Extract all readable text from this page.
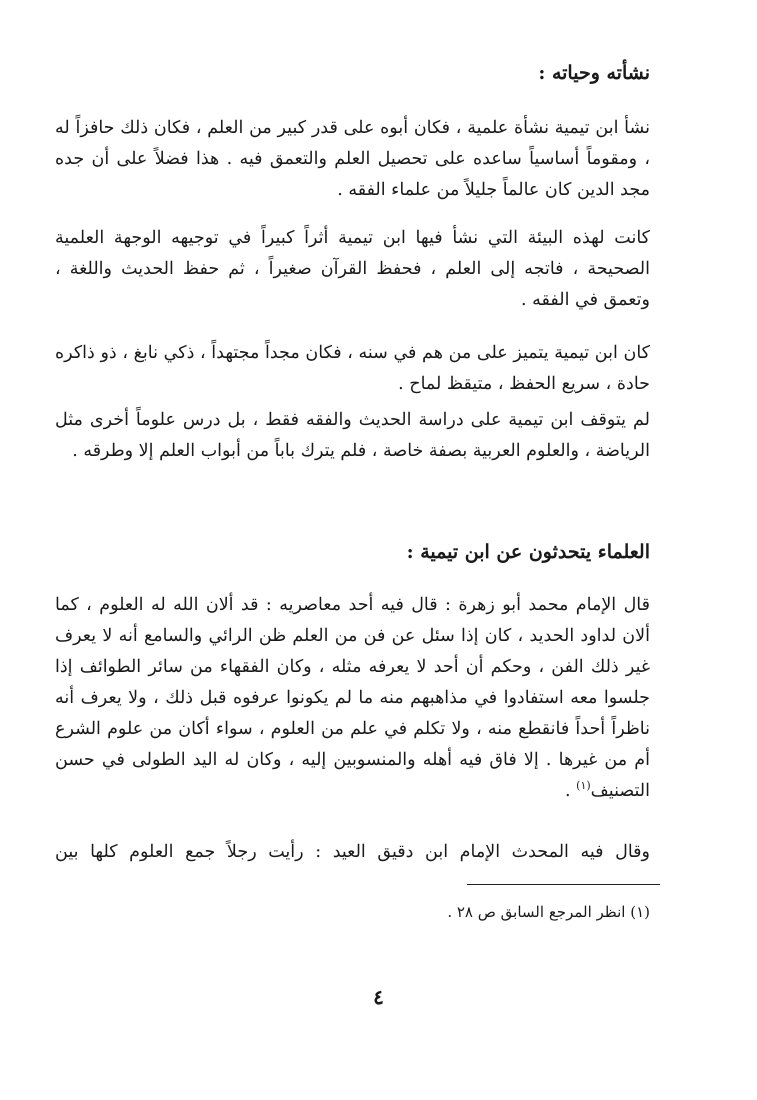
نشأته وحياته :

نشأ ابن تيمية نشأة علمية ، فكان أبوه على قدر كبير من العلم ، فكان ذلك حافزاً له ، ومقوماً أساسياً ساعده على تحصيل العلم والتعمق فيه . هذا فضلاً على أن جده مجد الدين كان عالماً جليلاً من علماء الفقه .

كانت لهذه البيئة التي نشأ فيها ابن تيمية أثراً كبيراً في توجيهه الوجهة العلمية الصحيحة ، فاتجه إلى العلم ، فحفظ القرآن صغيراً ، ثم حفظ الحديث واللغة ، وتعمق في الفقه .

كان ابن تيمية يتميز على من هم في سنه ، فكان مجداً مجتهداً ، ذكي نابغ ، ذو ذاكره حادة ، سريع الحفظ ، متيقظ لماح .

لم يتوقف ابن تيمية على دراسة الحديث والفقه فقط ، بل درس علوماً أخرى مثل الرياضة ، والعلوم العربية بصفة خاصة ، فلم يترك باباً من أبواب العلم إلا وطرقه .

العلماء يتحدثون عن ابن تيمية :

قال الإمام محمد أبو زهرة : قال فيه أحد معاصريه : قد ألان الله له العلوم ، كما ألان لداود الحديد ، كان إذا سئل عن فن من العلم ظن الرائي والسامع أنه لا يعرف غير ذلك الفن ، وحكم أن أحد لا يعرفه مثله ، وكان الفقهاء من سائر الطوائف إذا جلسوا معه استفادوا في مذاهبهم منه ما لم يكونوا عرفوه قبل ذلك ، ولا يعرف أنه ناظراً أحداً فانقطع منه ، ولا تكلم في علم من العلوم ، سواء أكان من علوم الشرع أم من غيرها . إلا فاق فيه أهله والمنسوبين إليه ، وكان له اليد الطولى في حسن التصنيف$^{(١)}$ .

وقال فيه المحدث الإمام ابن دقيق العيد : رأيت رجلاً جمع العلوم كلها بين

(١) انظر المرجع السابق ص ٢٨ .

٤
